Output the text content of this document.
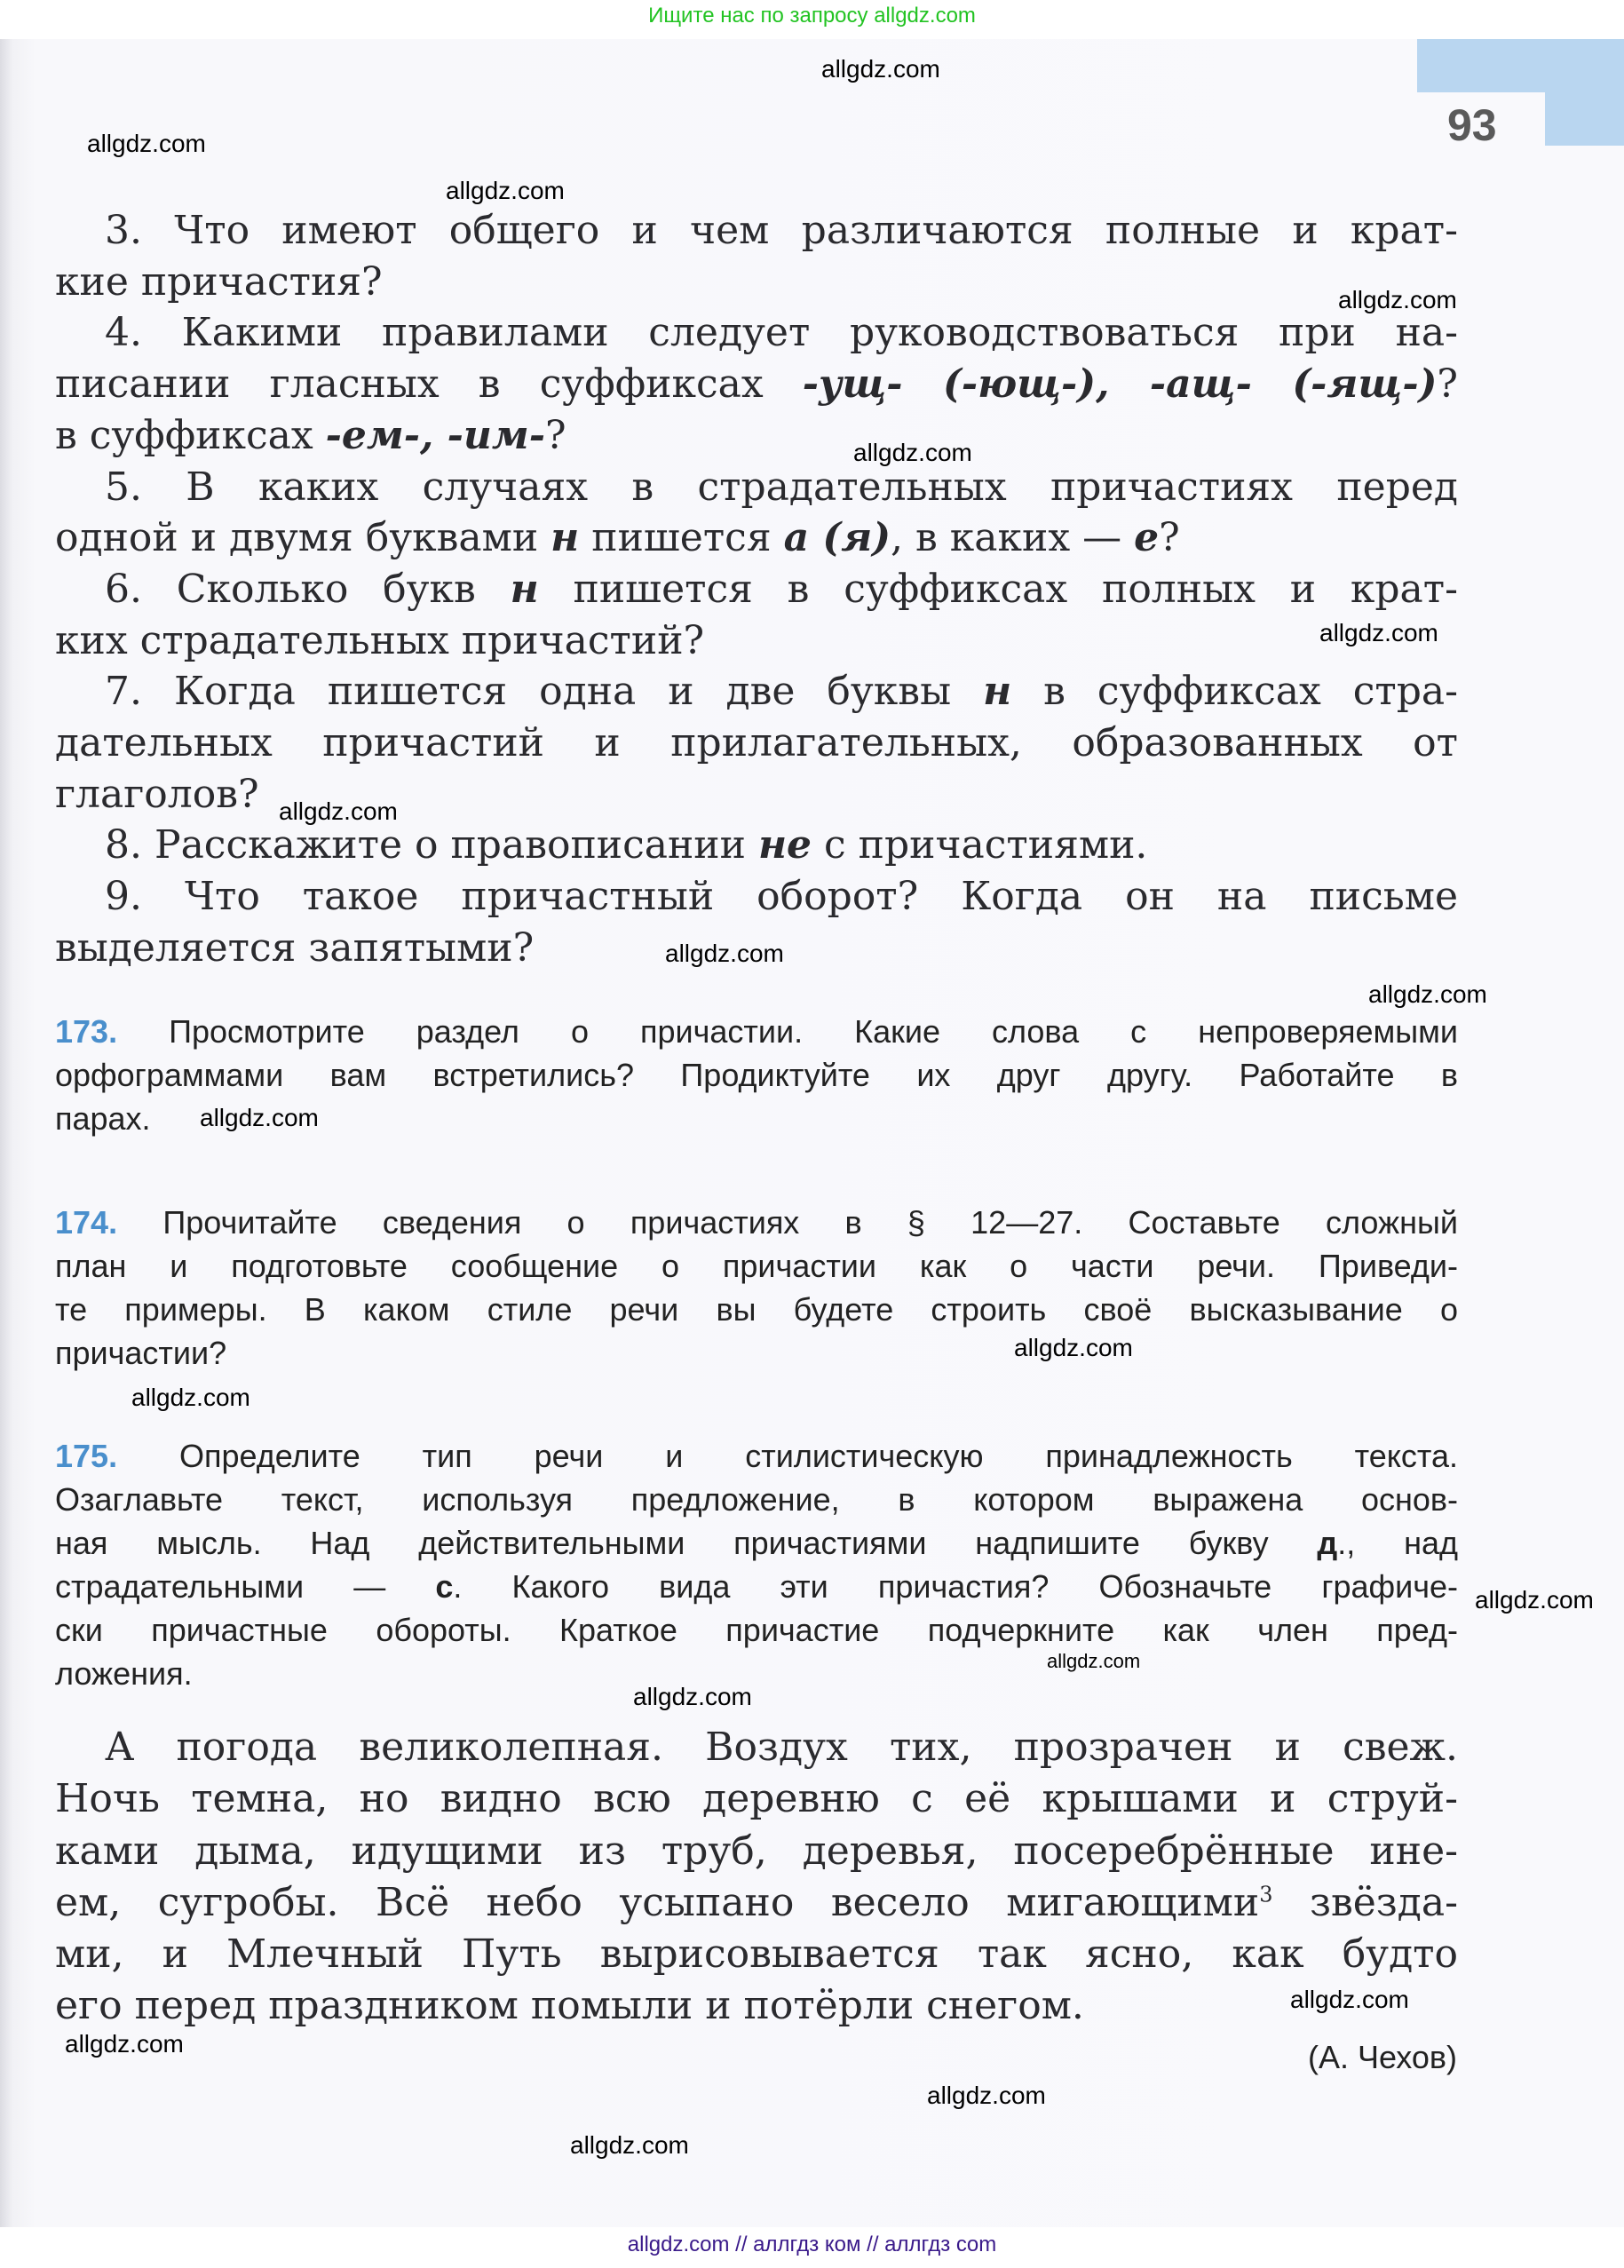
Ищите нас по запросу allgdz.com
93
3. Что имеют общего и чем различаются полные и крат-
кие причастия?
4. Какими правилами следует руководствоваться при на-
писании гласных в суффиксах -ущ- (-ющ-), -ащ- (-ящ-)?
в суффиксах -ем-, -им-?
5. В каких случаях в страдательных причастиях перед
одной и двумя буквами н пишется а (я), в каких — е?
6. Сколько букв н пишется в суффиксах полных и крат-
ких страдательных причастий?
7. Когда пишется одна и две буквы н в суффиксах стра-
дательных причастий и прилагательных, образованных от
глаголов?
8. Расскажите о правописании не с причастиями.
9. Что такое причастный оборот? Когда он на письме
выделяется запятыми?
173. Просмотрите раздел о причастии. Какие слова с непроверяемыми
орфограммами вам встретились? Продиктуйте их друг другу. Работайте в
парах.
174. Прочитайте сведения о причастиях в § 12—27. Составьте сложный
план и подготовьте сообщение о причастии как о части речи. Приведи-
те примеры. В каком стиле речи вы будете строить своё высказывание о
причастии?
175. Определите тип речи и стилистическую принадлежность текста.
Озаглавьте текст, используя предложение, в котором выражена основ-
ная мысль. Над действительными причастиями надпишите букву д., над
страдательными — с. Какого вида эти причастия? Обозначьте графиче-
ски причастные обороты. Краткое причастие подчеркните как член пред-
ложения.
А погода великолепная. Воздух тих, прозрачен и свеж.
Ночь темна, но видно всю деревню с её крышами и струй-
ками дыма, идущими из труб, деревья, посеребрённые ине-
ем, сугробы. Всё небо усыпано весело мигающими$^3$ звёзда-
ми, и Млечный Путь вырисовывается так ясно, как будто
его перед праздником помыли и потёрли снегом.
(А. Чехов)
allgdz.com
allgdz.com
allgdz.com
allgdz.com
allgdz.com
allgdz.com
allgdz.com
allgdz.com
allgdz.com
allgdz.com
allgdz.com
allgdz.com
allgdz.com
allgdz.com
allgdz.com
allgdz.com
allgdz.com
allgdz.com
allgdz.com
allgdz.com // аллгдз ком // аллгдз com
